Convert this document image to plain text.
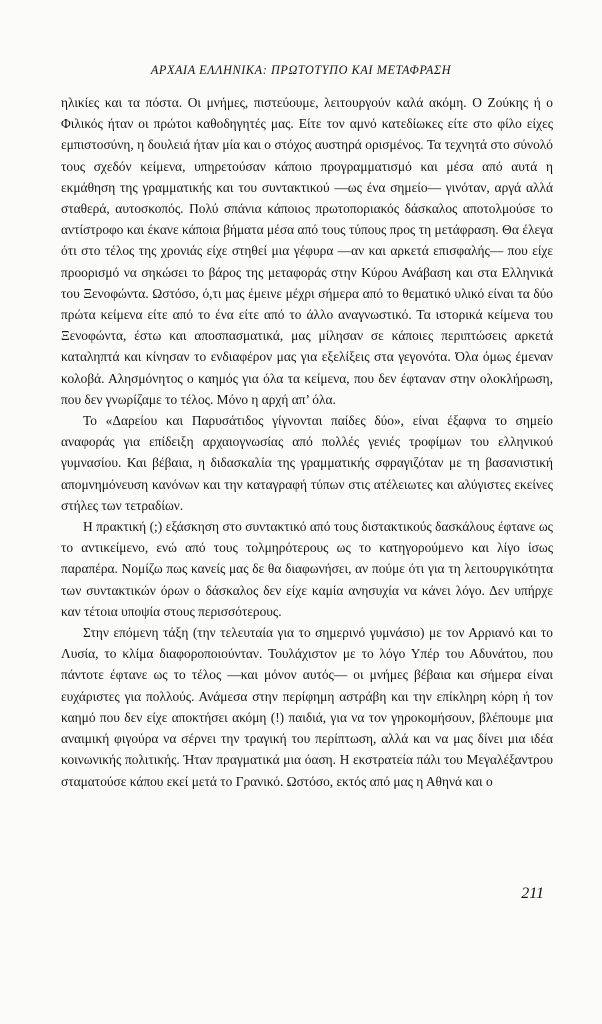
ΑΡΧΑΙΑ ΕΛΛΗΝΙΚΑ: ΠΡΩΤΟΤΥΠΟ ΚΑΙ ΜΕΤΑΦΡΑΣΗ

ηλικίες και τα πόστα. Οι μνήμες, πιστεύουμε, λειτουργούν καλά ακόμη. Ο Ζούκης ή ο Φιλικός ήταν οι πρώτοι καθοδηγητές μας. Είτε τον αμνό κατεδίωκες είτε στο φίλο είχες εμπιστοσύνη, η δουλειά ήταν μία και ο στόχος αυστηρά ορισμένος. Τα τεχνητά στο σύνολό τους σχεδόν κείμενα, υπηρετούσαν κάποιο προγραμματισμό και μέσα από αυτά η εκμάθηση της γραμματικής και του συντακτικού —ως ένα σημείο— γινόταν, αργά αλλά σταθερά, αυτοσκοπός. Πολύ σπάνια κάποιος πρωτοποριακός δάσκαλος αποτολμούσε το αντίστροφο και έκανε κάποια βήματα μέσα από τους τύπους προς τη μετάφραση. Θα έλεγα ότι στο τέλος της χρονιάς είχε στηθεί μια γέφυρα —αν και αρκετά επισφαλής— που είχε προορισμό να σηκώσει το βάρος της μεταφοράς στην Κύρου Ανάβαση και στα Ελληνικά του Ξενοφώντα. Ωστόσο, ό,τι μας έμεινε μέχρι σήμερα από το θεματικό υλικό είναι τα δύο πρώτα κείμενα είτε από το ένα είτε από το άλλο αναγνωστικό. Τα ιστορικά κείμενα του Ξενοφώντα, έστω και αποσπασματικά, μας μίλησαν σε κάποιες περιπτώσεις αρκετά καταληπτά και κίνησαν το ενδιαφέρον μας για εξελίξεις στα γεγονότα. Όλα όμως έμεναν κολοβά. Αλησμόνητος ο καημός για όλα τα κείμενα, που δεν έφταναν στην ολοκλήρωση, που δεν γνωρίζαμε το τέλος. Μόνο η αρχή απ’ όλα.

Το «Δαρείου και Παρυσάτιδος γίγνονται παίδες δύο», είναι έξαφνα το σημείο αναφοράς για επίδειξη αρχαιογνωσίας από πολλές γενιές τροφίμων του ελληνικού γυμνασίου. Και βέβαια, η διδασκαλία της γραμματικής σφραγιζόταν με τη βασανιστική απομνημόνευση κανόνων και την καταγραφή τύπων στις ατέλειωτες και αλύγιστες εκείνες στήλες των τετραδίων.

Η πρακτική (;) εξάσκηση στο συντακτικό από τους διστακτικούς δασκάλους έφτανε ως το αντικείμενο, ενώ από τους τολμηρότερους ως το κατηγορούμενο και λίγο ίσως παραπέρα. Νομίζω πως κανείς μας δε θα διαφωνήσει, αν πούμε ότι για τη λειτουργικότητα των συντακτικών όρων ο δάσκαλος δεν είχε καμία ανησυχία να κάνει λόγο. Δεν υπήρχε καν τέτοια υποψία στους περισσότερους.

Στην επόμενη τάξη (την τελευταία για το σημερινό γυμνάσιο) με τον Αρριανό και το Λυσία, το κλίμα διαφοροποιούνταν. Τουλάχιστον με το λόγο Υπέρ του Αδυνάτου, που πάντοτε έφτανε ως το τέλος —και μόνον αυτός— οι μνήμες βέβαια και σήμερα είναι ευχάριστες για πολλούς. Ανάμεσα στην περίφημη αστράβη και την επίκληρη κόρη ή τον καημό που δεν είχε αποκτήσει ακόμη (!) παιδιά, για να τον γηροκομήσουν, βλέπουμε μια αναιμική φιγούρα να σέρνει την τραγική του περίπτωση, αλλά και να μας δίνει μια ιδέα κοινωνικής πολιτικής. Ήταν πραγματικά μια όαση. Η εκστρατεία πάλι του Μεγαλέξαντρου σταματούσε κάπου εκεί μετά το Γρανικό. Ωστόσο, εκτός από μας η Αθηνά και ο

211
